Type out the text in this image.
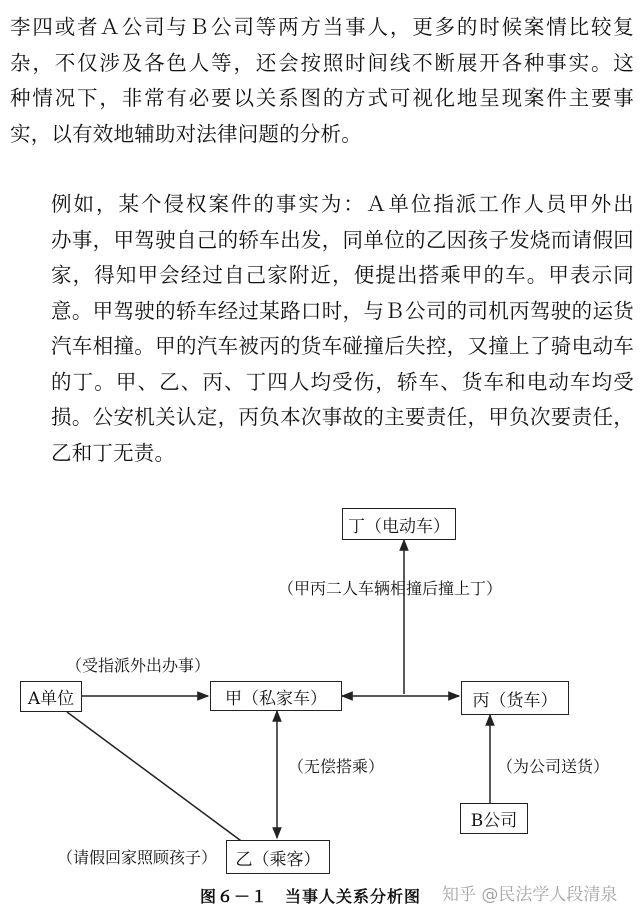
李四或者Ａ公司与Ｂ公司等两方当事人，更多的时候案情比较复
杂，不仅涉及各色人等，还会按照时间线不断展开各种事实。这
种情况下，非常有必要以关系图的方式可视化地呈现案件主要事
实，以有效地辅助对法律问题的分析。

例如，某个侵权案件的事实为：Ａ单位指派工作人员甲外出
办事，甲驾驶自己的轿车出发，同单位的乙因孩子发烧而请假回
家，得知甲会经过自己家附近，便提出搭乘甲的车。甲表示同
意。甲驾驶的轿车经过某路口时，与Ｂ公司的司机丙驾驶的运货
汽车相撞。甲的汽车被丙的货车碰撞后失控，又撞上了骑电动车
的丁。甲、乙、丙、丁四人均受伤，轿车、货车和电动车均受
损。公安机关认定，丙负本次事故的主要责任，甲负次要责任，
乙和丁无责。

丁（电动车）
A单位	甲（私家车）	丙（货车）
B公司
乙（乘客）
（甲丙二人车辆相撞后撞上丁）
（受指派外出办事）
（无偿搭乘）	（为公司送货）
（请假回家照顾孩子）
图６－１　当事人关系分析图 知乎 @民法学人段清泉
